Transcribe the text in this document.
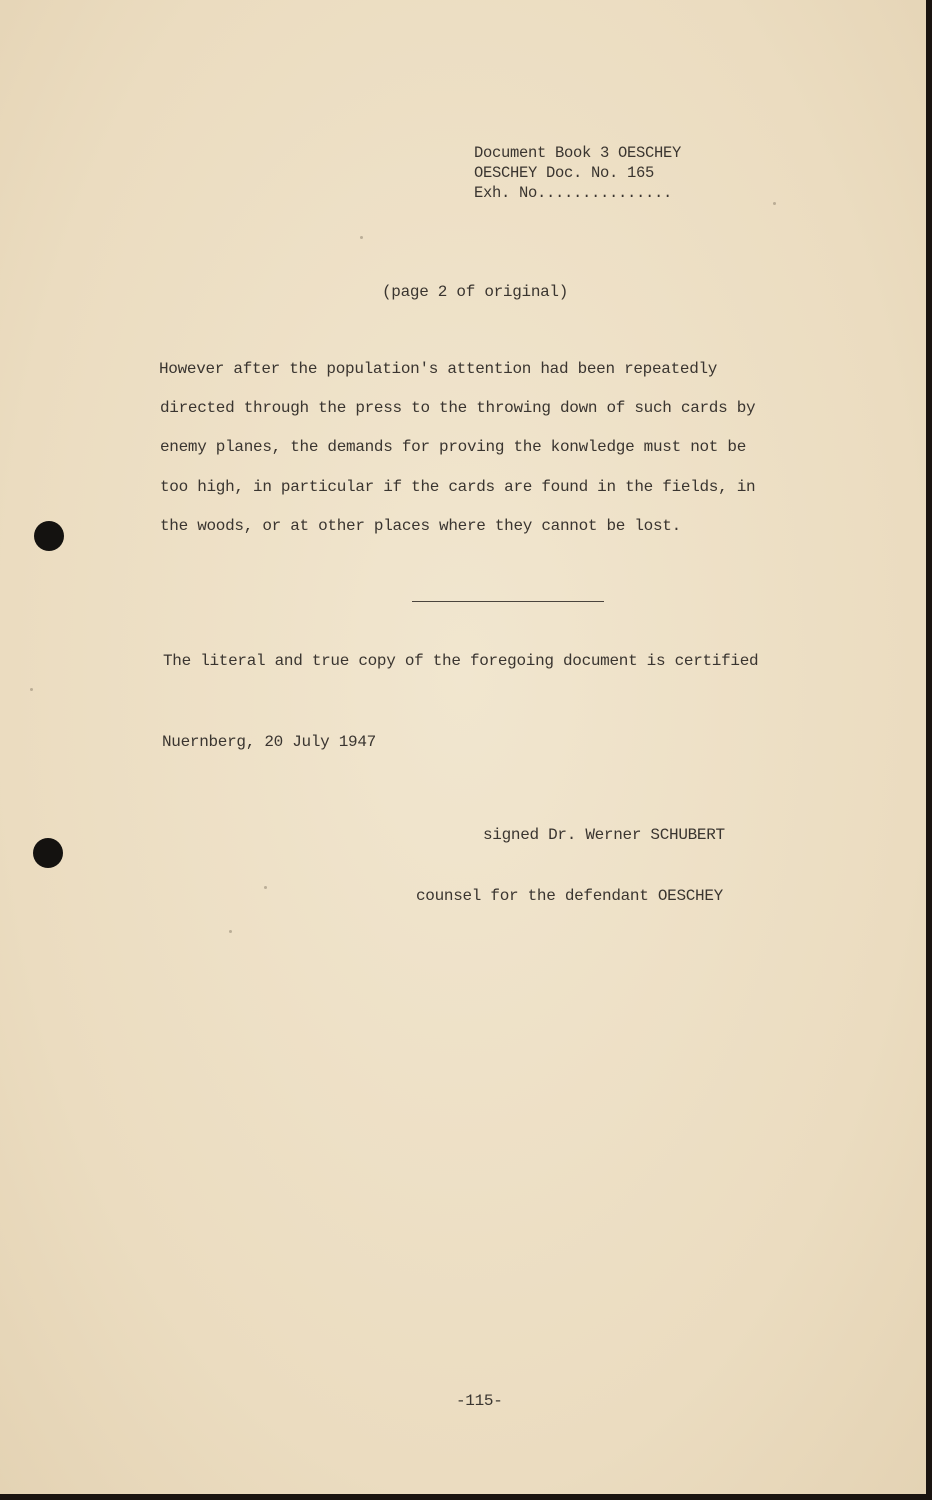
Document Book 3 OESCHEY

OESCHEY Doc. No. 165

Exh. No...............

(page 2 of original)

However after the population's attention had been repeatedly

directed through the press to the throwing down of such cards by

enemy planes, the demands for proving the konwledge must not be

too high, in particular if the cards are found in the fields, in

the woods, or at other places where they cannot be lost.

The literal and true copy of the foregoing document is certified

Nuernberg, 20 July 1947

signed Dr. Werner SCHUBERT

counsel for the defendant OESCHEY

-115-
